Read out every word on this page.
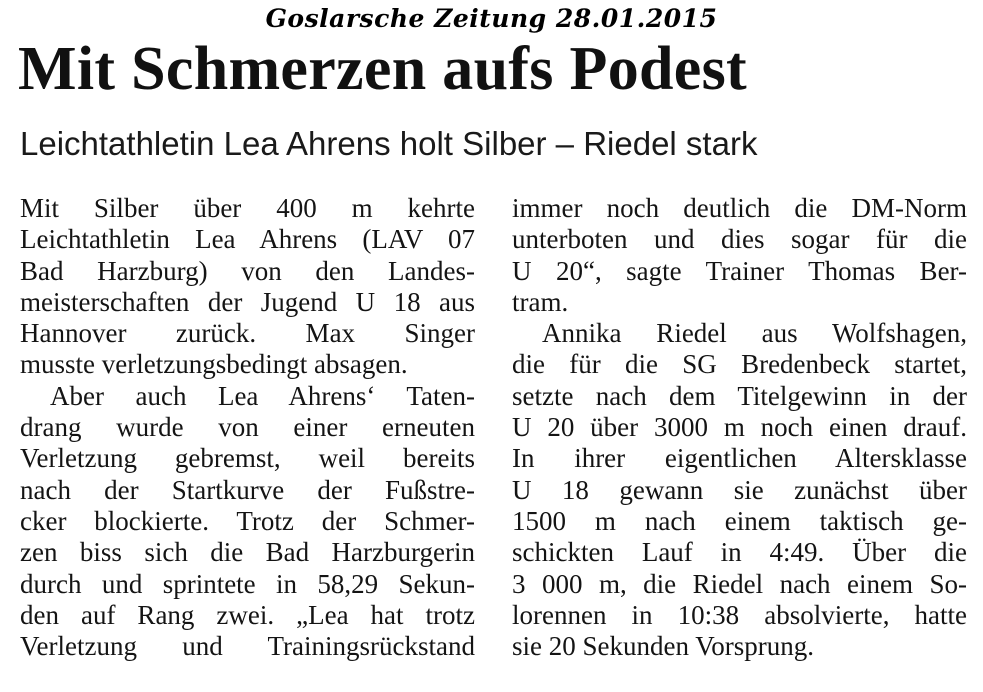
Goslarsche Zeitung 28.01.2015
Mit Schmerzen aufs Podest
Leichtathletin Lea Ahrens holt Silber – Riedel stark
Mit Silber über 400 m kehrte
Leichtathletin Lea Ahrens (LAV 07
Bad Harzburg) von den Landes-
meisterschaften der Jugend U 18 aus
Hannover zurück. Max Singer
musste verletzungsbedingt absagen.
Aber auch Lea Ahrens‘ Taten-
drang wurde von einer erneuten
Verletzung gebremst, weil bereits
nach der Startkurve der Fußstre-
cker blockierte. Trotz der Schmer-
zen biss sich die Bad Harzburgerin
durch und sprintete in 58,29 Sekun-
den auf Rang zwei. „Lea hat trotz
Verletzung und Trainingsrückstand
immer noch deutlich die DM-Norm
unterboten und dies sogar für die
U 20“, sagte Trainer Thomas Ber-
tram.
Annika Riedel aus Wolfshagen,
die für die SG Bredenbeck startet,
setzte nach dem Titelgewinn in der
U 20 über 3000 m noch einen drauf.
In ihrer eigentlichen Altersklasse
U 18 gewann sie zunächst über
1500 m nach einem taktisch ge-
schickten Lauf in 4:49. Über die
3 000 m, die Riedel nach einem So-
lorennen in 10:38 absolvierte, hatte
sie 20 Sekunden Vorsprung.
